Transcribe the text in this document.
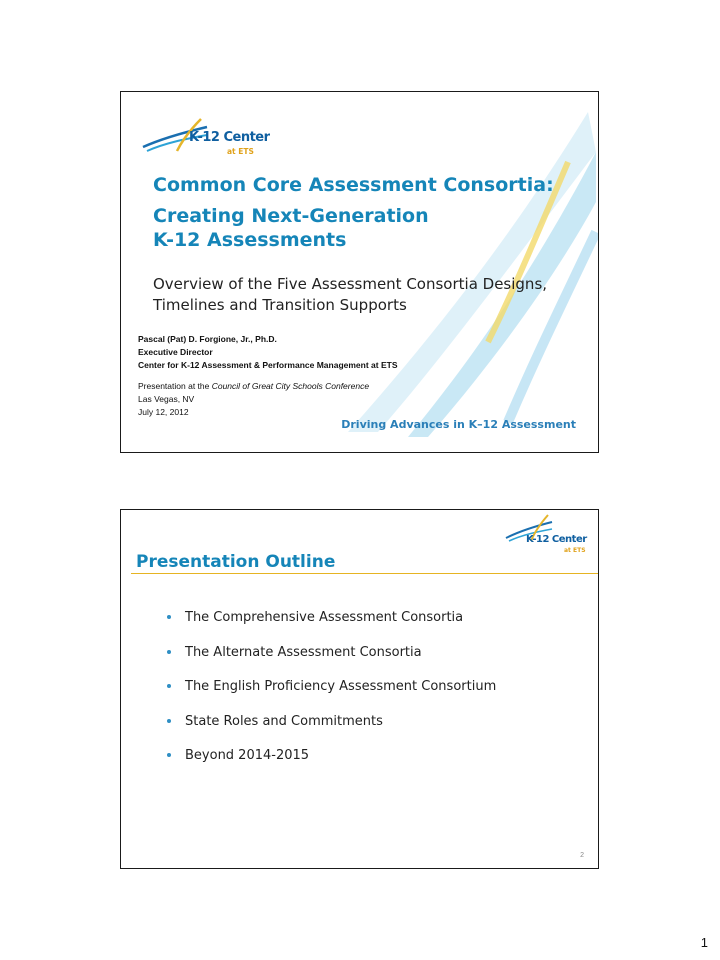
K-12 Center
at ETS
Common Core Assessment Consortia:
Creating Next-Generation
K-12 Assessments
Overview of the Five Assessment Consortia Designs, Timelines and Transition Supports
Pascal (Pat) D. Forgione, Jr., Ph.D.
Executive Director
Center for K-12 Assessment & Performance Management at ETS
Presentation at the Council of Great City Schools Conference
Las Vegas, NV
July 12, 2012
Driving Advances in K–12 Assessment
K-12 Center
at ETS
Presentation Outline
The Comprehensive Assessment Consortia
The Alternate Assessment Consortia
The English Proficiency Assessment Consortium
State Roles and Commitments
Beyond 2014-2015
2
1
